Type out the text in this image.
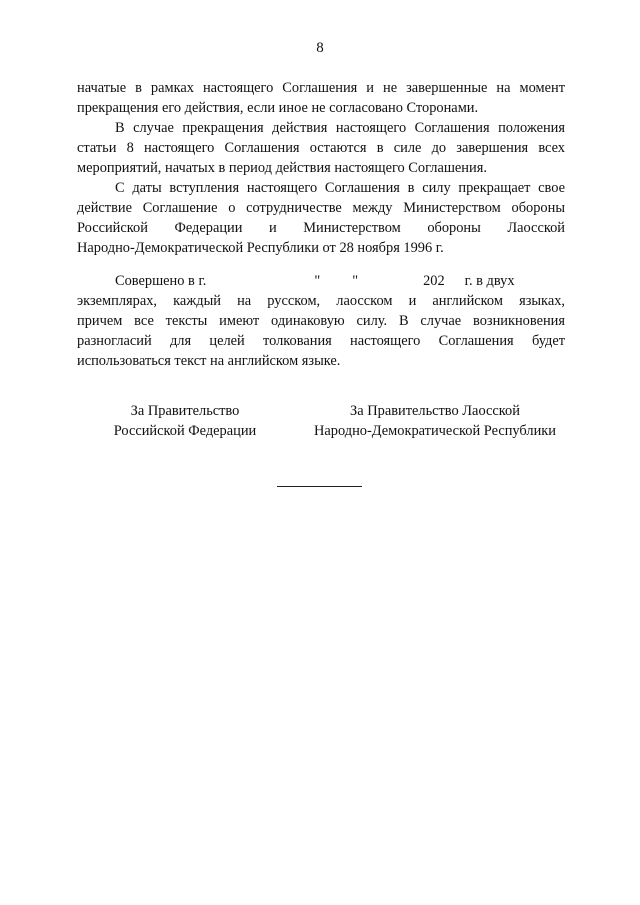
8

начатые в рамках настоящего Соглашения и не завершенные на момент
прекращения его действия, если иное не согласовано Сторонами.

В случае прекращения действия настоящего Соглашения положения
статьи 8 настоящего Соглашения остаются в силе до завершения всех
мероприятий, начатых в период действия настоящего Соглашения.

С даты вступления настоящего Соглашения в силу прекращает свое
действие Соглашение о сотрудничестве между Министерством обороны
Российской Федерации и Министерством обороны Лаосской
Народно-Демократической Республики от 28 ноября 1996 г.

Совершено в г.	" "	202 г. в двух
экземплярах, каждый на русском, лаосском и английском языках,
причем все тексты имеют одинаковую силу. В случае возникновения
разногласий для целей толкования настоящего Соглашения будет
использоваться текст на английском языке.

За Правительство
Российской Федерации
За Правительство Лаосской
Народно-Демократической Республики
